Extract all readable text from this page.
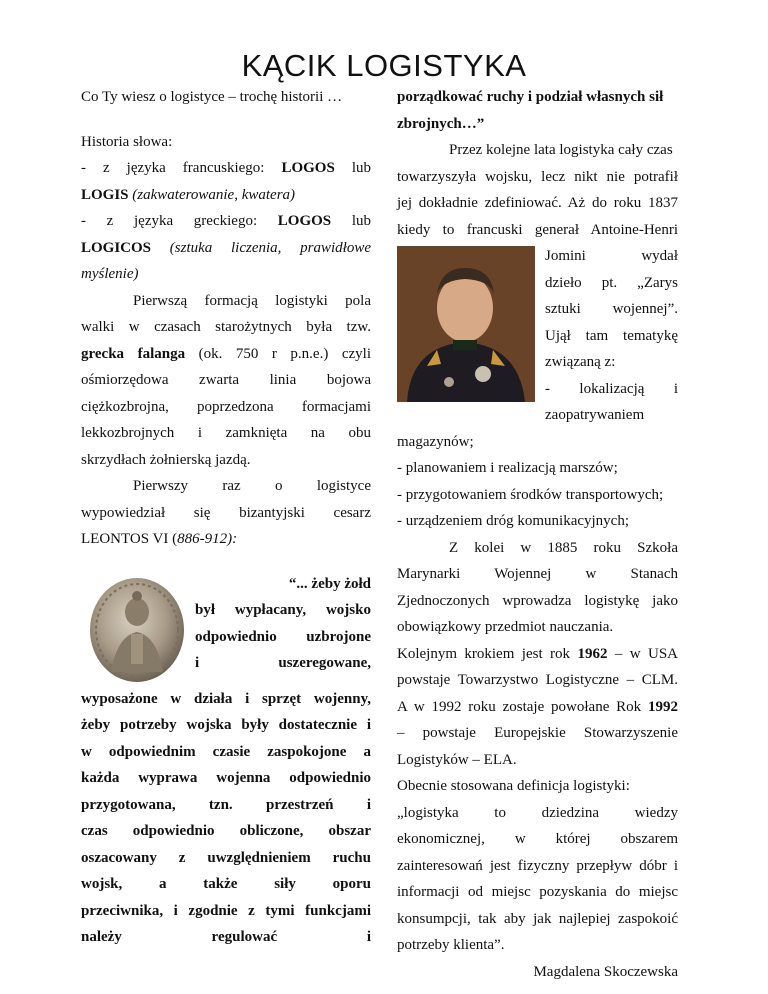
KĄCIK LOGISTYKA

Co Ty wiesz o logistyce – trochę historii …

Historia słowa:

- z języka francuskiego: LOGOS lub

LOGIS (zakwaterowanie, kwatera)

- z języka greckiego: LOGOS lub

LOGICOS (sztuka liczenia, prawidłowe

myślenie)

Pierwszą formacją logistyki pola

walki w czasach starożytnych była tzw.

grecka falanga (ok. 750 r p.n.e.) czyli

ośmiorzędowa zwarta linia bojowa

ciężkozbrojna, poprzedzona formacjami

lekkozbrojnych i zamknięta na obu

skrzydłach żołnierską jazdą.

Pierwszy raz o logistyce

wypowiedział się bizantyjski cesarz

LEONTOS VI (886-912):

“... żeby żołd

był wypłacany, wojsko

odpowiednio uzbrojone

i uszeregowane,

wyposażone w działa i sprzęt wojenny,

żeby potrzeby wojska były dostatecznie i

w odpowiednim czasie zaspokojone a

każda wyprawa wojenna odpowiednio

przygotowana, tzn. przestrzeń i

czas odpowiednio obliczone, obszar

oszacowany z uwzględnieniem ruchu

wojsk, a także siły oporu

przeciwnika, i zgodnie z tymi funkcjami

należy regulować i

porządkować ruchy i podział własnych sił

zbrojnych…”

Przez kolejne lata logistyka cały czas

towarzyszyła wojsku, lecz nikt nie potrafił

jej dokładnie zdefiniować. Aż do roku 1837

kiedy to francuski generał Antoine-Henri

Jomini wydał

dzieło pt. „Zarys

sztuki wojennej”.

Ujął tam tematykę

związaną z:

- lokalizacją i

zaopatrywaniem

magazynów;

- planowaniem i realizacją marszów;

- przygotowaniem środków transportowych;

- urządzeniem dróg komunikacyjnych;

Z kolei w 1885 roku Szkoła

Marynarki Wojennej w Stanach

Zjednoczonych wprowadza logistykę jako

obowiązkowy przedmiot nauczania.

Kolejnym krokiem jest rok 1962 – w USA

powstaje Towarzystwo Logistyczne – CLM.

A w 1992 roku zostaje powołane Rok 1992

– powstaje Europejskie Stowarzyszenie

Logistyków – ELA.

Obecnie stosowana definicja logistyki:

„logistyka to dziedzina wiedzy

ekonomicznej, w której obszarem

zainteresowań jest fizyczny przepływ dóbr i

informacji od miejsc pozyskania do miejsc

konsumpcji, tak aby jak najlepiej zaspokoić

potrzeby klienta”.

Magdalena Skoczewska
